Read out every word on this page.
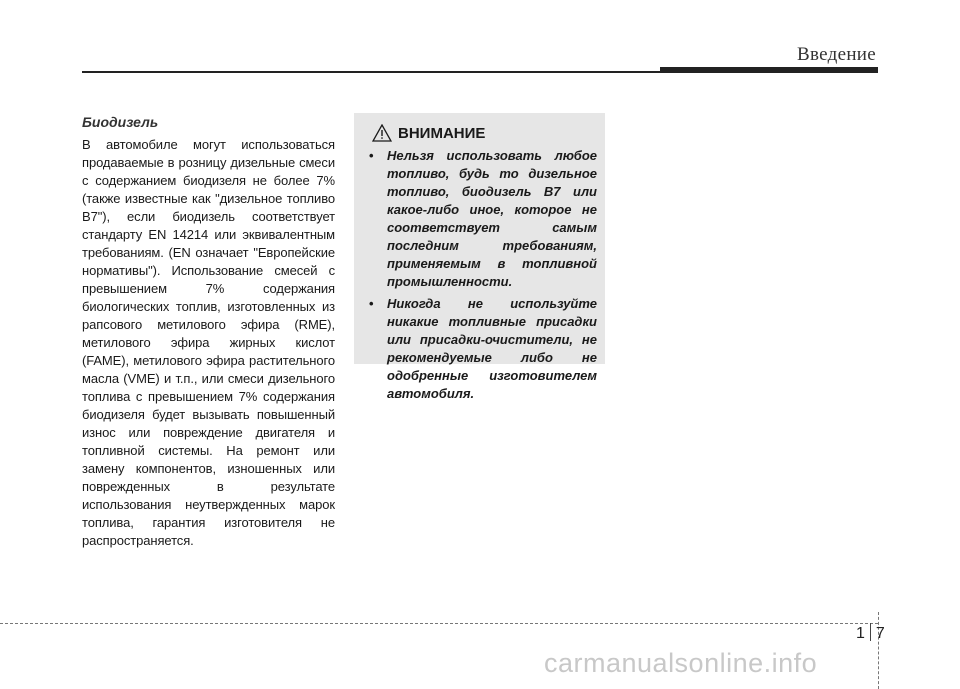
Введение
Биодизель

В автомобиле могут использоваться продаваемые в розницу дизельные смеси с содержанием биодизеля не более 7% (также известные как "дизельное топливо B7"), если биодизель соответствует стандарту EN 14214 или эквивалентным требованиям. (EN означает "Европейские нормативы"). Использование смесей с превышением 7% содержания биологических топлив, изготовленных из рапсового метилового эфира (RME), метилового эфира жирных кислот (FAME), метилового эфира растительного масла (VME) и т.п., или смеси дизельного топлива с превышением 7% содержания биодизеля будет вызывать повышенный износ или повреждение двигателя и топливной системы. На ремонт или замену компонентов, изношенных или поврежденных в результате использования неутвержденных марок топлива, гарантия изготовителя не распространяется.

ВНИМАНИЕ
• Нельзя использовать любое топливо, будь то дизельное топливо, биодизель B7 или какое-либо иное, которое не соответствует самым последним требованиям, применяемым в топливной промышленности.
• Никогда не используйте никакие топливные присадки или присадки-очистители, не рекомендуемые либо не одобренные изготовителем автомобиля.
1 7
carmanualsonline.info
